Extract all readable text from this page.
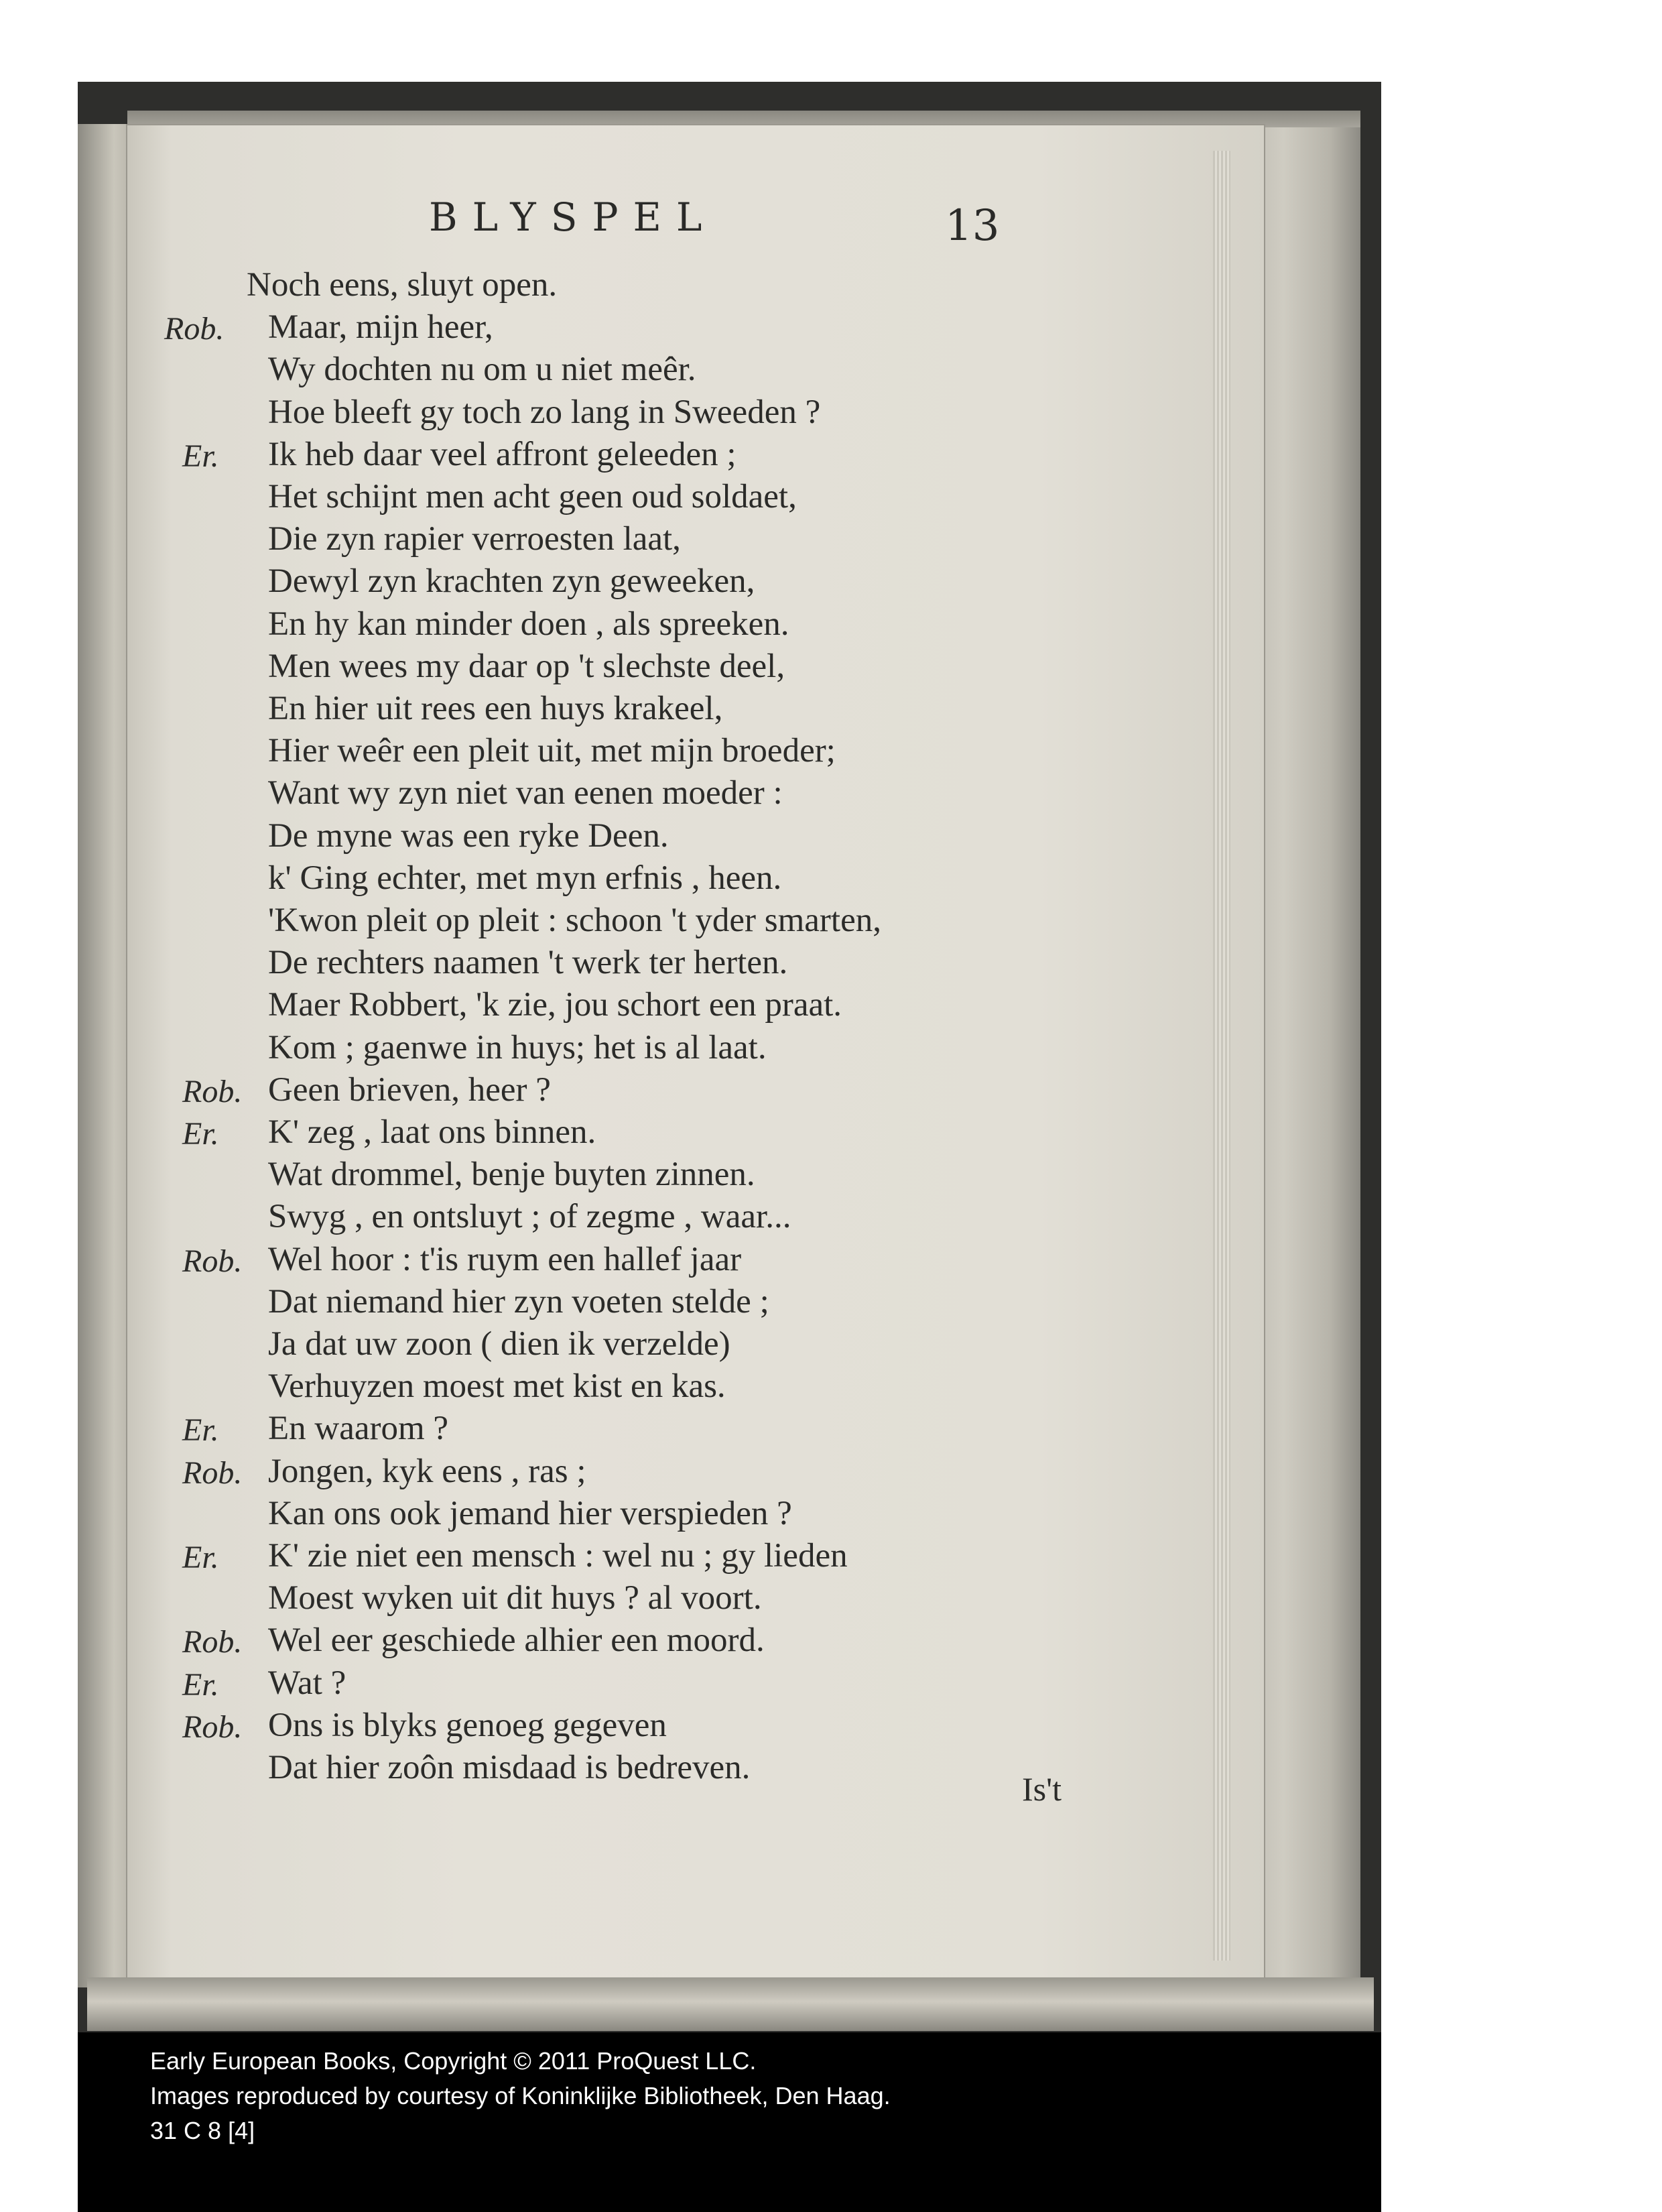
BLYSPEL	13
Noch eens, sluyt open.
Rob. Maar, mijn heer,
Wy dochten nu om u niet meêr.
Hoe bleeft gy toch zo lang in Sweeden ?
Er. Ik heb daar veel affront geleeden ;
Het schijnt men acht geen oud soldaet,
Die zyn rapier verroesten laat,
Dewyl zyn krachten zyn geweeken,
En hy kan minder doen , als spreeken.
Men wees my daar op 't slechste deel,
En hier uit rees een huys krakeel,
Hier weêr een pleit uit, met mijn broeder;
Want wy zyn niet van eenen moeder :
De myne was een ryke Deen.
k' Ging echter, met myn erfnis , heen.
'Kwon pleit op pleit : schoon 't yder smarten,
De rechters naamen 't werk ter herten.
Maer Robbert, 'k zie, jou schort een praat.
Kom ; gaenwe in huys; het is al laat.
Rob. Geen brieven, heer ?
Er. K' zeg , laat ons binnen.
Wat drommel, benje buyten zinnen.
Swyg , en ontsluyt ; of zegme , waar...
Rob. Wel hoor : t'is ruym een hallef jaar
Dat niemand hier zyn voeten stelde ;
Ja dat uw zoon ( dien ik verzelde)
Verhuyzen moest met kist en kas.
Er. En waarom ?
Rob. Jongen, kyk eens , ras ;
Kan ons ook jemand hier verspieden ?
Er. K' zie niet een mensch : wel nu ; gy lieden
Moest wyken uit dit huys ? al voort.
Rob. Wel eer geschiede alhier een moord.
Er. Wat ?
Rob. Ons is blyks genoeg gegeven
Dat hier zoôn misdaad is bedreven.
Is't
Early European Books, Copyright © 2011 ProQuest LLC.
Images reproduced by courtesy of Koninklijke Bibliotheek, Den Haag.
31 C 8 [4]
